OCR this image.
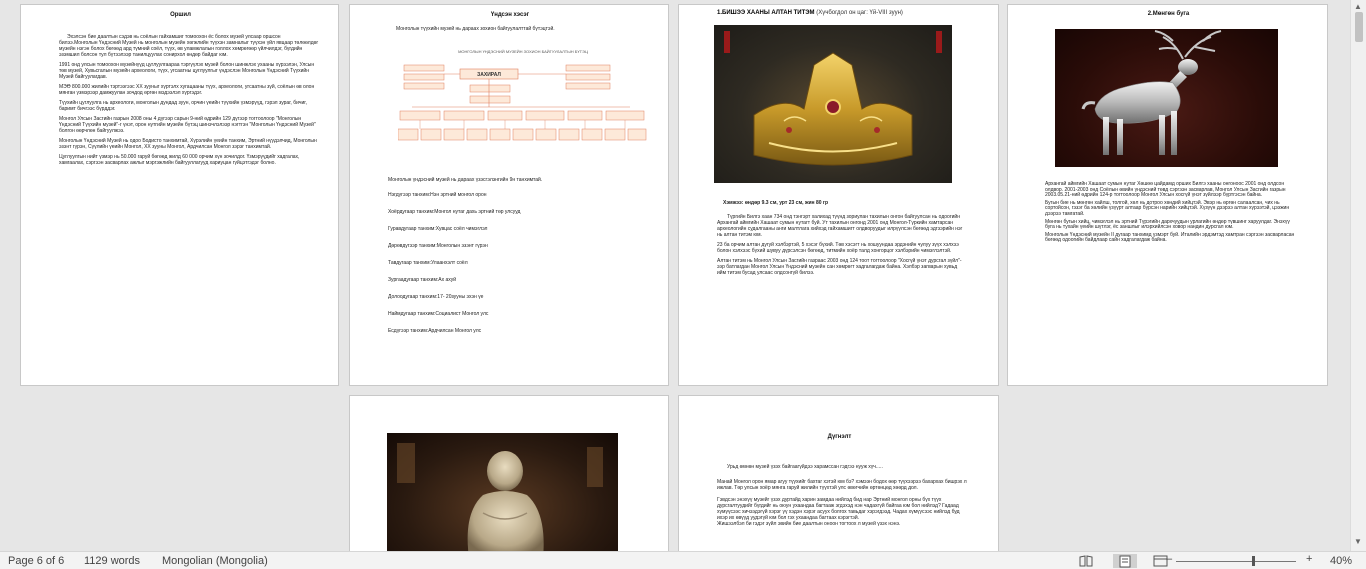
Оршил

Эхэлсэн бие даалтын сэдэв нь соёлын гайхамшиг томоохон ёс болох музей улсаар оршсон билээ.Монголын Үндэсний Музей нь монголын музейн хөгжлийн түүхэн замналыг түүхэн үйл явцаар төлөөлдөг музейн нэгэн болох бөгөөд ард түмний соёл, түүх, өв уламжлалын голлох хөмрөгөөр үйлчилдэг, бүгдийн эзэмшил болсон тул бүтээлээр танилцуулах сонирхол өндөр байдаг юм.

1991 онд улсын томоохон музейнүүд цуглуулгаараа тэргүүлэх музей болон шинжлэх ухааны хүрээлэн, Улсын төв музей, Хувьсгалын музейн археологи, түүх, угсаатны цуглуулгыг үндэслэн Монголын Үндэсний Түүхийн Музей байгуулагдав.

МЭӨ 800.000 жилийн тэртээгээс XX зууныг хүртэлх хугацааны түүх, археологи, угсаатны зүй, соёлын өв олон мянган үзмэрээр дамжуулан зочдод өргөн мэдээлэл хүргэдэг.

Түүхийн цуглуулга нь археологи, монголын дундад зуун, орчин үеийн түүхийн үзмэрүүд, гэрэл зураг, бичиг, баримт бичгээс бүрддэг.

Монгол Улсын Засгийн газрын 2008 оны 4 дүгээр сарын 9-ний өдрийн 129 дүгээр тогтоолоор "Монголын Үндэсний Түүхийн музей"-г үнэт, орон нутгийн музейн бүтэц шинэчлэлээр нэгтгэн "Монголын Үндэсний Музей" болгон өөрчлөн байгуулжээ.

Монголын Үндэсний Музей нь одоо Бодисто танхимтай, Хүрэлийн үеийн танхим, Эртний нүүдэлчид, Монголын эзэнт гүрэн, Сүүлийн үеийн Монгол, XX зууны Монгол, Ардчилсан Монгол зэрэг танхимтай.

Цуглуулгын нийт үзмэр нь 50.000 гаруй бөгөөд жилд 60 000 орчим хүн зочилдог. Үзмэрүүдийг хадгалах, хамгаалах, сэргээн засварлах ажлыг мэргэжлийн байгууллагууд хариуцан гүйцэтгэдэг болно.

Үндсэн хэсэг
Монголын түүхийн музей нь дараах зохион байгуулалттай бүтэцтэй.
ЗАХИРАЛ
МОНГОЛЫН ҮНДЭСНИЙ МУЗЕЙН ЗОХИОН БАЙГУУЛАЛТЫН БҮТЭЦ
Монголын үндэсний музей нь дараах үзэсгэлэнгийн 9н танхимтай.
Нэгдүгээр танхим:Нэн эртний монгол орон
Хоёрдугаар танхим:Монгол нутаг дахь эртний төр улсууд
Гуравдугаар танхим:Хувцас соёл чимэглэл
Дөрөвдүгээр танхим:Монголын эзэнт гүрэн
Тавдугаар танхим:Улаанхэлт соёл
Зургаадугаар танхим:Ах ахуй
Долоодугаар танхим:17- 20зууны эхэн үе
Наймдугаар танхим:Социалист Монгол улс
Есдүгээр танхим:Ардчилсан Монгол улс
1.БИШЭЭ ХААНЫ АЛТАН ТИТЭМ (Хүчбогдол он цаг: Үй-VIII зуун)
Хэмжээ: өндөр 9.3 см, урт 23 см, жин 80 гр

Түргийн Билгэ хаан 734 онд тэнгэрт халихад түүнд зориулан тахилын онгон байгуулсан нь одоогийн Архангай аймгийн Хашаат сумын нутагт буй. Ут тахилын онгонд 2001 онд Монгол-Түркийн хамтарсан археологийн судалгааны анги малтлага хийхэд гайхамшигт олдворуудыг илрүүлсэн бөгөөд эдгээрийн нэг нь алтан титэм юм.

23 ба орчим алтан дүгуй хэлбэртэй, 5 хэсэг бүхий. Төв хэсэгт нь хошуундаа эрдэнийн чулуу зүүх хэлхээ болон хэлхээс бүхий шувуу дүрсэлсэн бөгөөд, титмийн хоёр талд хонгорцог хэлбэрийн чимэглэлтэй.

Алтан титэм нь Монгол Улсын Засгийн газраас 2003 онд 124 тоот тогтоолоор "Хосгүй үнэт дурсгал зүйл"-ээр батлагдан Монгол Улсын Үндэсний музейн сан хөмрөгт хадгалагдаж байна. Хэлбэр загварын хувьд ийм титэм бусад улсаас олдсонгүй билээ.

2.Мөнгөн буга

Архангай аймгийн Хашаат сумын нутаг Хөшөө цайдамд орших Билгэ хааны онгоноос 2001 онд олдсон олдвор. 2001-2003 онд Соёлын өвийн үндэсний төвд сэргээн засварлав, Монгол Улсын Засгийн газрын 2003.05.21-ний өдрийн 124-р тогтоолоор Монгол Улсын хосгүй үнэт зүйлээр бүртгэсэн байна.

Бугын бие нь мөнгөн хайлш, толгой, хөл нь дотроо хөндий хийцтэй. Эвэр нь өргөн салаалсан, чих нь сортойсон, гэзэг ба хөлийн үзүүрт алтаар бүрсэн нарийн хийцтэй. Хүзүүн дээрээ алтан хүрээтэй, цээжин дээрээ тамгатай.

Мөнгөн бугын хийц, чимэглэл нь эртний Түрэгийн дархчуудын урлагийн өндөр түвшинг харуулдаг. Энэхүү буга нь тухайн үеийн шүтлэг, ёс заншлыг илэрхийлсэн ховор нандин дурсгал юм.

Монголын Үндэсний музейн II дугаар танхимд үзмэрт буй. Италийн эрдэмтэд хамтран сэргээн засварласан бөгөөд одоогийн байдлаар сайн хадгалагдаж байна.

Дүгнэлт

Урьд өмнөн музей үзэх байгаагүйдээ харамссан гэдгээ нууж хүч.....

Манай Монгол орон ямар агуу түүхийг бахтаг хэтэй юм бэ? хэмээн бодох өөр түүхээрээ бахархах бишрэх л ижлав. Төр улсын хоёр мянга гаруй жилийн түүхтэй улс өвөгчийн өртөнцөд хөөрд дол.

Гэвдсэн энэхүү музейг үзэх дуртайд харин замдаа нийлэд бид нар Эртний монгол орны бүх түүх дурсгалтуудийг бүгдийг нь оюун ухаандаа багтааж эгдэхэд нэн чадахгүй байгаа юм бол нийлэд? Гадаад хүмүүсээс хичээдэгүй хэрэг үү хэдэн хэрэг асуух болгох тавьдаг хэрэгдээд. Чадах хүмүүсээс нийлэд буд ихэр их өвүүд уудэгүй юм бол гэх ухаандаа багтаах кэрэгтэй.

Жишээлбэл би гэдэг зүйл эвийн бие даалтын оноон тогтоох л музей үзэх нэнэ.

▲
▼
Page 6 of 6 1129 words Mongolian (Mongolia)	–	+ 40%
